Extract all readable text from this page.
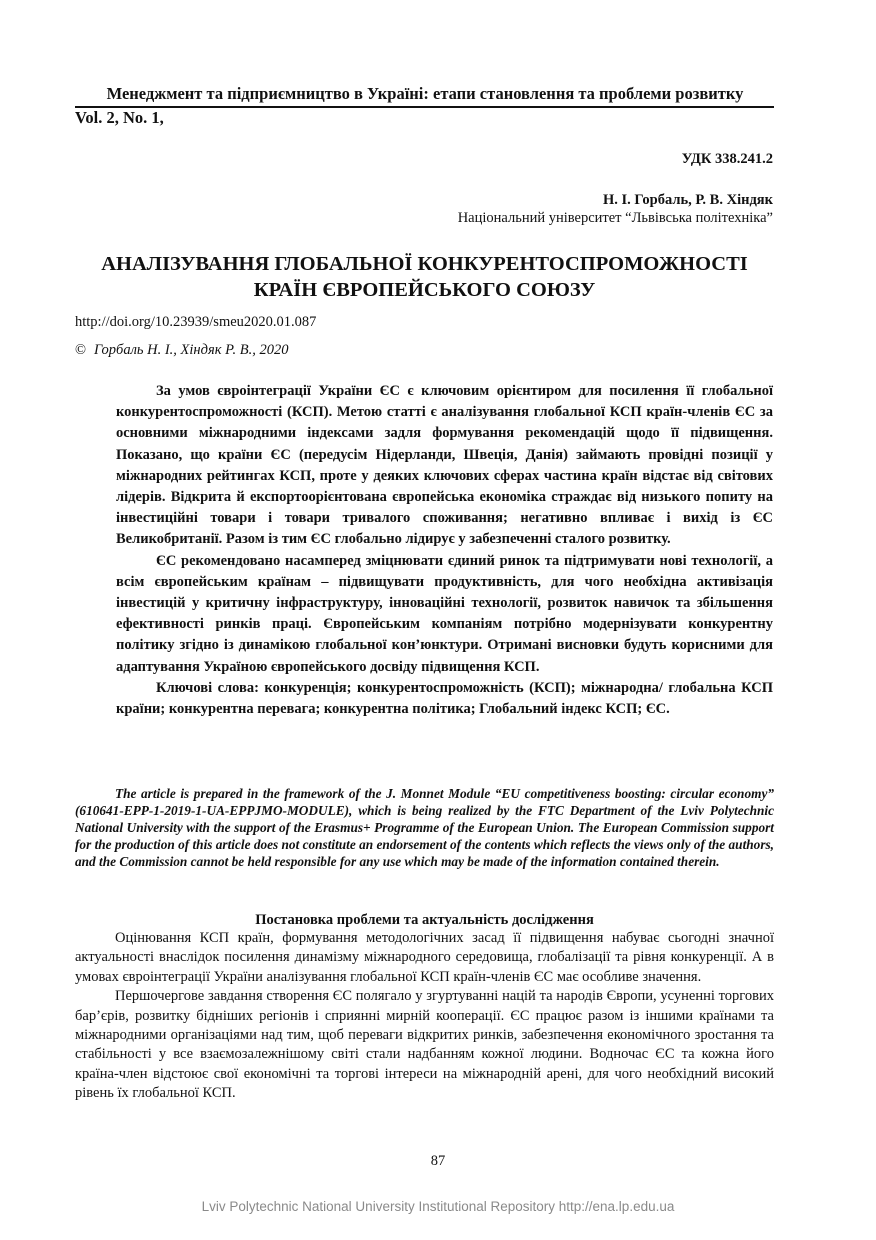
Менеджмент та підприємництво в Україні: етапи становлення та проблеми розвитку
Vol. 2, No. 1,
УДК 338.241.2
Н. І. Горбаль, Р. В. Хіндяк
Національний університет “Львівська політехніка”
АНАЛІЗУВАННЯ ГЛОБАЛЬНОЇ КОНКУРЕНТОСПРОМОЖНОСТІ
КРАЇН ЄВРОПЕЙСЬКОГО СОЮЗУ
http://doi.org/10.23939/smeu2020.01.087
© Горбаль Н. І., Хіндяк Р. В., 2020

За умов євроінтеграції України ЄС є ключовим орієнтиром для посилення її глобальної конкурентоспроможності (КСП). Метою статті є аналізування глобальної КСП країн-членів ЄС за основними міжнародними індексами задля формування рекомендацій щодо її підвищення. Показано, що країни ЄС (передусім Нідерланди, Швеція, Данія) займають провідні позиції у міжнародних рейтингах КСП, проте у деяких ключових сферах частина країн відстає від світових лідерів. Відкрита й експортоорієнтована європейська економіка страждає від низького попиту на інвестиційні товари і товари тривалого споживання; негативно впливає і вихід із ЄС Великобританії. Разом із тим ЄС глобально лідирує у забезпеченні сталого розвитку.

ЄС рекомендовано насамперед зміцнювати єдиний ринок та підтримувати нові технології, а всім європейським країнам – підвищувати продуктивність, для чого необхідна активізація інвестицій у критичну інфраструктуру, інноваційні технології, розвиток навичок та збільшення ефективності ринків праці. Європейським компаніям потрібно модернізувати конкурентну політику згідно із динамікою глобальної кон’юнктури. Отримані висновки будуть корисними для адаптування Україною європейського досвіду підвищення КСП.

Ключові слова: конкуренція; конкурентоспроможність (КСП); міжнародна/ глобальна КСП країни; конкурентна перевага; конкурентна політика; Глобальний індекс КСП; ЄС.

The article is prepared in the framework of the J. Monnet Module “EU competitiveness boosting: circular economy” (610641-EPP-1-2019-1-UA-EPPJMO-MODULE), which is being realized by the FTC Department of the Lviv Polytechnic National University with the support of the Erasmus+ Programme of the European Union. The European Commission support for the production of this article does not constitute an endorsement of the contents which reflects the views only of the authors, and the Commission cannot be held responsible for any use which may be made of the information contained therein.

Постановка проблеми та актуальність дослідження

Оцінювання КСП країн, формування методологічних засад її підвищення набуває сьогодні значної актуальності внаслідок посилення динамізму міжнародного середовища, глобалізації та рівня конкуренції. А в умовах євроінтеграції України аналізування глобальної КСП країн-членів ЄС має особливе значення.

Першочергове завдання створення ЄС полягало у згуртуванні націй та народів Європи, усуненні торгових бар’єрів, розвитку бідніших регіонів і сприянні мирній кооперації. ЄС працює разом із іншими країнами та міжнародними організаціями над тим, щоб переваги відкритих ринків, забезпечення економічного зростання та стабільності у все взаємозалежнішому світі стали надбанням кожної людини. Водночас ЄС та кожна його країна-член відстоює свої економічні та торгові інтереси на міжнародній арені, для чого необхідний високий рівень їх глобальної КСП.

87
Lviv Polytechnic National University Institutional Repository http://ena.lp.edu.ua
